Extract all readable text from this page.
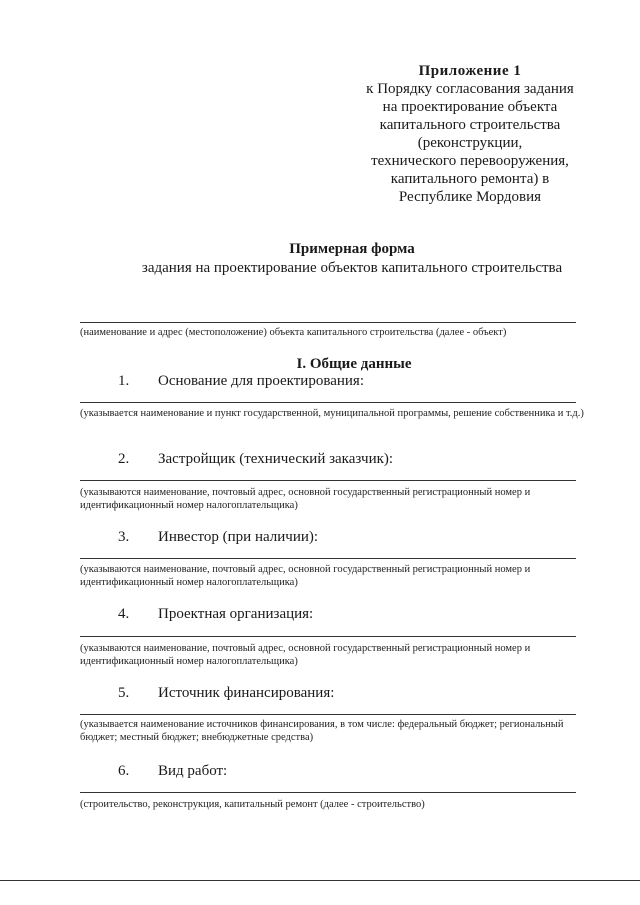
Приложение 1
к Порядку согласования задания
на проектирование объекта
капитального строительства
(реконструкции,
технического перевооружения,
капитального ремонта) в
Республике Мордовия
Примерная форма
задания на проектирование объектов капитального строительства
(наименование и адрес (местоположение) объекта капитального строительства (далее - объект)
I. Общие данные
1. Основание для проектирования:
(указывается наименование и пункт государственной, муниципальной программы, решение собственника и т.д.)
2. Застройщик (технический заказчик):
(указываются наименование, почтовый адрес, основной государственный регистрационный номер и идентификационный номер налогоплательщика)
3. Инвестор (при наличии):
(указываются наименование, почтовый адрес, основной государственный регистрационный номер и идентификационный номер налогоплательщика)
4. Проектная организация:
(указываются наименование, почтовый адрес, основной государственный регистрационный номер и идентификационный номер налогоплательщика)
5. Источник финансирования:
(указывается наименование источников финансирования, в том числе: федеральный бюджет; региональный бюджет; местный бюджет; внебюджетные средства)
6. Вид работ:
(строительство, реконструкция, капитальный ремонт (далее - строительство)
